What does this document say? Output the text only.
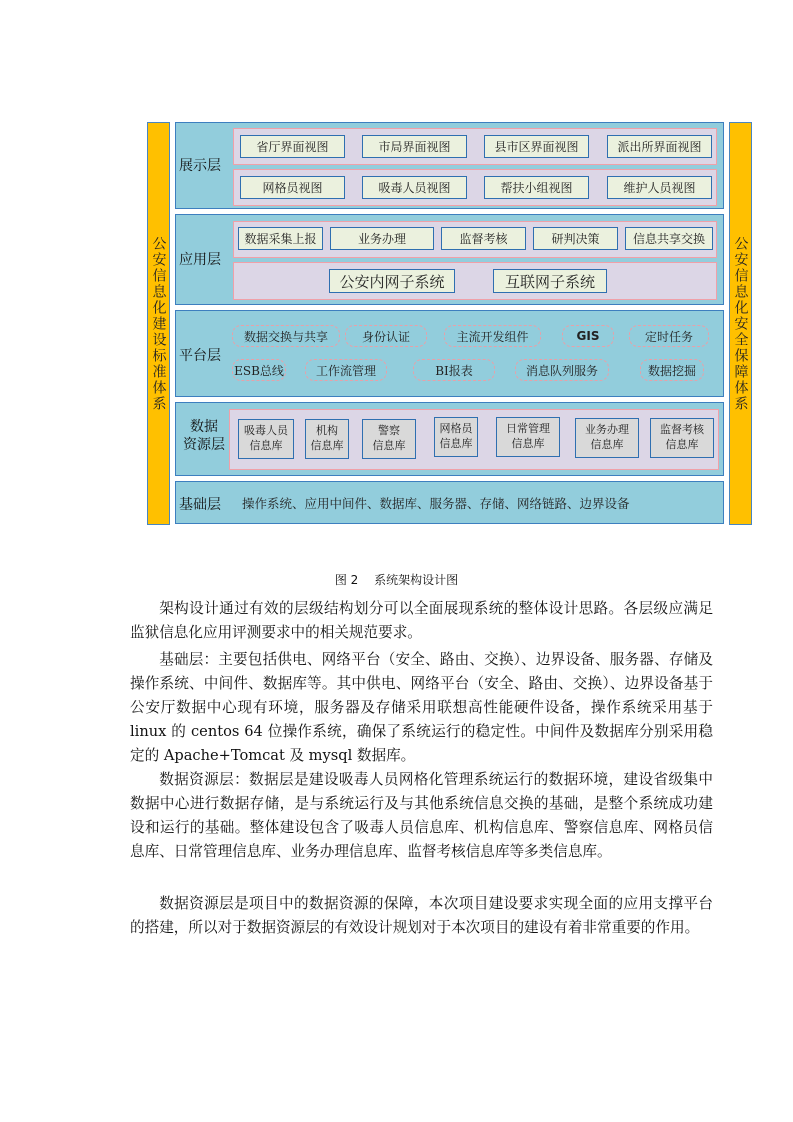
公安信息化建设标准体系	公安信息化安全保障体系
展示层
省厅界面视图	市局界面视图	县市区界面视图	派出所界面视图
网格员视图	吸毒人员视图	帮扶小组视图	维护人员视图
应用层
数据采集上报	业务办理	监督考核	研判决策	信息共享交换
公安内网子系统	互联网子系统
平台层
数据交换与共享	身份认证	主流开发组件	GIS	定时任务
ESB总线	工作流管理	BI报表	消息队列服务	数据挖掘
数据
资源层
吸毒人员
信息库
机构
信息库
警察
信息库
网格员
信息库
日常管理
信息库
业务办理
信息库
监督考核
信息库
基础层 操作系统、应用中间件、数据库、服务器、存储、网络链路、边界设备
图 2 系统架构设计图

架构设计通过有效的层级结构划分可以全面展现系统的整体设计思路。各层级应满足监狱信息化应用评测要求中的相关规范要求。

基础层：主要包括供电、网络平台（安全、路由、交换）、边界设备、服务器、存储及操作系统、中间件、数据库等。其中供电、网络平台（安全、路由、交换）、边界设备基于公安厅数据中心现有环境，服务器及存储采用联想高性能硬件设备，操作系统采用基于 linux 的 centos 64 位操作系统，确保了系统运行的稳定性。中间件及数据库分别采用稳定的 Apache+Tomcat 及 mysql 数据库。

数据资源层：数据层是建设吸毒人员网格化管理系统运行的数据环境，建设省级集中数据中心进行数据存储，是与系统运行及与其他系统信息交换的基础，是整个系统成功建设和运行的基础。整体建设包含了吸毒人员信息库、机构信息库、警察信息库、网格员信息库、日常管理信息库、业务办理信息库、监督考核信息库等多类信息库。

数据资源层是项目中的数据资源的保障，本次项目建设要求实现全面的应用支撑平台的搭建，所以对于数据资源层的有效设计规划对于本次项目的建设有着非常重要的作用。
